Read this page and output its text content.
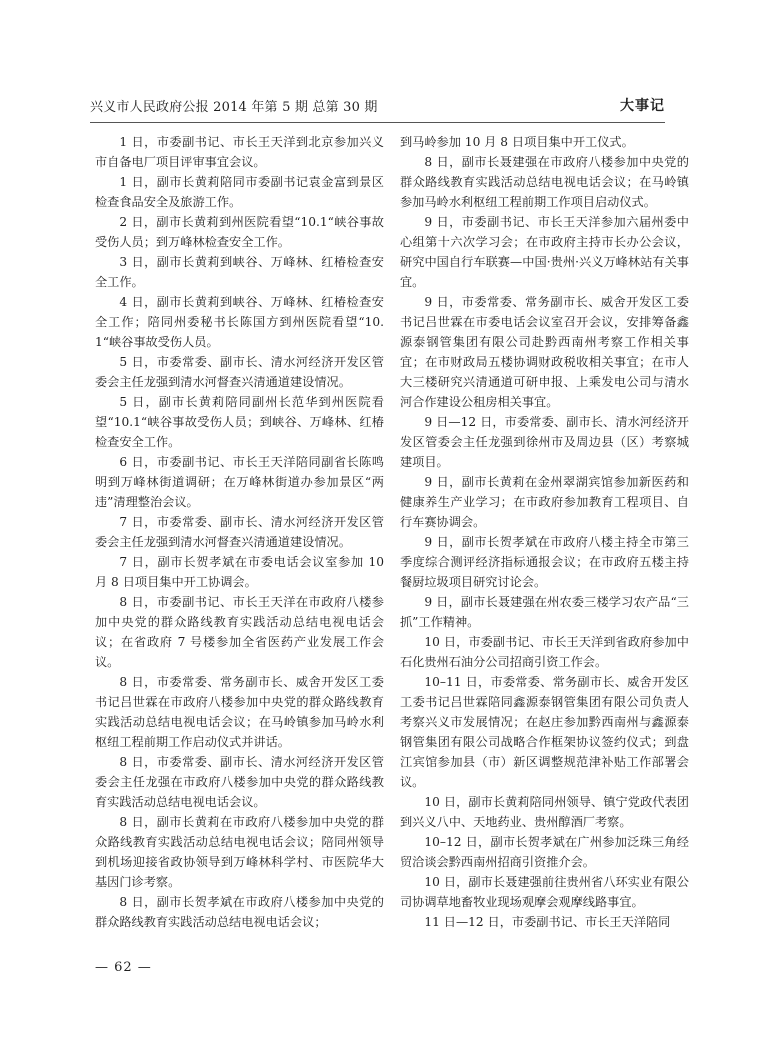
兴义市人民政府公报 2014 年第 5 期 总第 30 期	大事记

1 日，市委副书记、市长王天洋到北京参加兴义市自备电厂项目评审事宜会议。

1 日，副市长黄莉陪同市委副书记袁金富到景区检查食品安全及旅游工作。

2 日，副市长黄莉到州医院看望“10.1“峡谷事故受伤人员；到万峰林检查安全工作。

3 日，副市长黄莉到峡谷、万峰林、红椿检查安全工作。

4 日，副市长黄莉到峡谷、万峰林、红椿检查安全工作；陪同州委秘书长陈国方到州医院看望“10.1“峡谷事故受伤人员。

5 日，市委常委、副市长、清水河经济开发区管委会主任龙强到清水河督查兴清通道建设情况。

5 日，副市长黄莉陪同副州长范华到州医院看望“10.1“峡谷事故受伤人员；到峡谷、万峰林、红椿检查安全工作。

6 日，市委副书记、市长王天洋陪同副省长陈鸣明到万峰林街道调研；在万峰林街道办参加景区“两违”清理整治会议。

7 日，市委常委、副市长、清水河经济开发区管委会主任龙强到清水河督查兴清通道建设情况。

7 日，副市长贺孝斌在市委电话会议室参加 10 月 8 日项目集中开工协调会。

8 日，市委副书记、市长王天洋在市政府八楼参加中央党的群众路线教育实践活动总结电视电话会议；在省政府 7 号楼参加全省医药产业发展工作会议。

8 日，市委常委、常务副市长、威舍开发区工委书记吕世霖在市政府八楼参加中央党的群众路线教育实践活动总结电视电话会议；在马岭镇参加马岭水利枢纽工程前期工作启动仪式并讲话。

8 日，市委常委、副市长、清水河经济开发区管委会主任龙强在市政府八楼参加中央党的群众路线教育实践活动总结电视电话会议。

8 日，副市长黄莉在市政府八楼参加中央党的群众路线教育实践活动总结电视电话会议；陪同州领导到机场迎接省政协领导到万峰林科学村、市医院华大基因门诊考察。

8 日，副市长贺孝斌在市政府八楼参加中央党的群众路线教育实践活动总结电视电话会议；

到马岭参加 10 月 8 日项目集中开工仪式。

8 日，副市长聂建强在市政府八楼参加中央党的群众路线教育实践活动总结电视电话会议；在马岭镇参加马岭水利枢纽工程前期工作项目启动仪式。

9 日，市委副书记、市长王天洋参加六届州委中心组第十六次学习会；在市政府主持市长办公会议，研究中国自行车联赛—中国·贵州·兴义万峰林站有关事宜。

9 日，市委常委、常务副市长、威舍开发区工委书记吕世霖在市委电话会议室召开会议，安排筹备鑫源泰钢管集团有限公司赴黔西南州考察工作相关事宜；在市财政局五楼协调财政税收相关事宜；在市人大三楼研究兴清通道可研申报、上乘发电公司与清水河合作建设公租房相关事宜。

9 日—12 日，市委常委、副市长、清水河经济开发区管委会主任龙强到徐州市及周边县（区）考察城建项目。

9 日，副市长黄莉在金州翠湖宾馆参加新医药和健康养生产业学习；在市政府参加教育工程项目、自行车赛协调会。

9 日，副市长贺孝斌在市政府八楼主持全市第三季度综合测评经济指标通报会议；在市政府五楼主持餐厨垃圾项目研究讨论会。

9 日，副市长聂建强在州农委三楼学习农产品“三抓”工作精神。

10 日，市委副书记、市长王天洋到省政府参加中石化贵州石油分公司招商引资工作会。

10–11 日，市委常委、常务副市长、威舍开发区工委书记吕世霖陪同鑫源泰钢管集团有限公司负责人考察兴义市发展情况；在赵庄参加黔西南州与鑫源泰钢管集团有限公司战略合作框架协议签约仪式；到盘江宾馆参加县（市）新区调整规范津补贴工作部署会议。

10 日，副市长黄莉陪同州领导、镇宁党政代表团到兴义八中、天地药业、贵州醇酒厂考察。

10–12 日，副市长贺孝斌在广州参加泛珠三角经贸洽谈会黔西南州招商引资推介会。

10 日，副市长聂建强前往贵州省八环实业有限公司协调草地畜牧业现场观摩会观摩线路事宜。

11 日—12 日，市委副书记、市长王天洋陪同

— 62 —
